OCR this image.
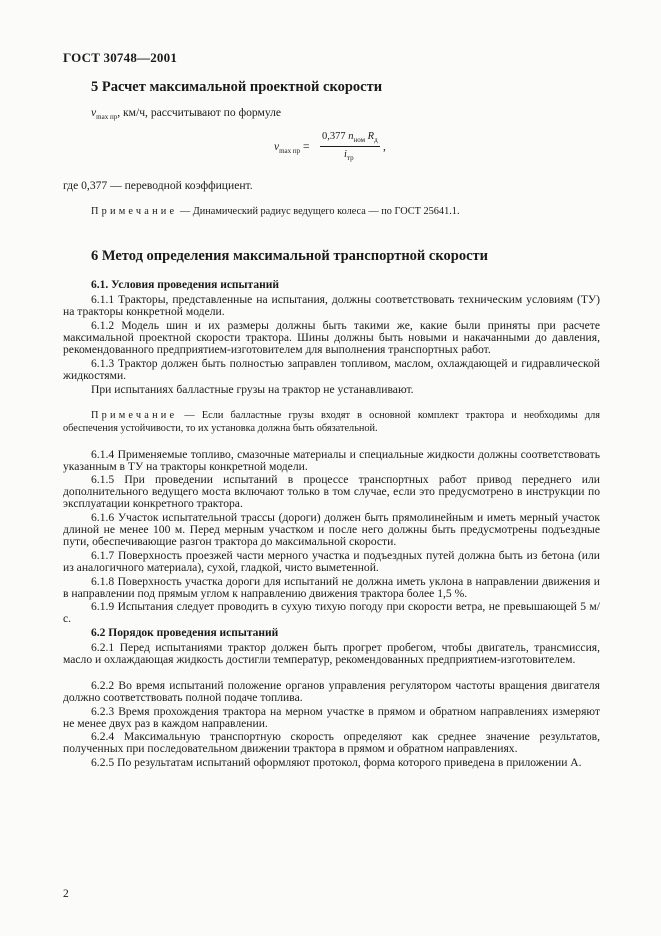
ГОСТ 30748—2001
5 Расчет максимальной проектной скорости
$v_{max пр}$, км/ч, рассчитывают по формуле
$v_{max пр}$ =
0,377 $n_{ном}$ $R_д$
$i_{тр}$
,
где 0,377 — переводной коэффициент.
Примечание — Динамический радиус ведущего колеса — по ГОСТ 25641.1.
6 Метод определения максимальной транспортной скорости
6.1. Условия проведения испытаний
6.1.1 Тракторы, представленные на испытания, должны соответствовать техническим условиям (ТУ) на тракторы конкретной модели.
6.1.2 Модель шин и их размеры должны быть такими же, какие были приняты при расчете максимальной проектной скорости трактора. Шины должны быть новыми и накачанными до давления, рекомендованного предприятием-изготовителем для выполнения транспортных работ.
6.1.3 Трактор должен быть полностью заправлен топливом, маслом, охлаждающей и гидравлической жидкостями.
При испытаниях балластные грузы на трактор не устанавливают.
Примечание — Если балластные грузы входят в основной комплект трактора и необходимы для обеспечения устойчивости, то их установка должна быть обязательной.
6.1.4 Применяемые топливо, смазочные материалы и специальные жидкости должны соответствовать указанным в ТУ на тракторы конкретной модели.
6.1.5 При проведении испытаний в процессе транспортных работ привод переднего или дополнительного ведущего моста включают только в том случае, если это предусмотрено в инструкции по эксплуатации конкретного трактора.
6.1.6 Участок испытательной трассы (дороги) должен быть прямолинейным и иметь мерный участок длиной не менее 100 м. Перед мерным участком и после него должны быть предусмотрены подъездные пути, обеспечивающие разгон трактора до максимальной скорости.
6.1.7 Поверхность проезжей части мерного участка и подъездных путей должна быть из бетона (или из аналогичного материала), сухой, гладкой, чисто выметенной.
6.1.8 Поверхность участка дороги для испытаний не должна иметь уклона в направлении движения и в направлении под прямым углом к направлению движения трактора более 1,5 %.
6.1.9 Испытания следует проводить в сухую тихую погоду при скорости ветра, не превышающей 5 м/с.
6.2 Порядок проведения испытаний
6.2.1 Перед испытаниями трактор должен быть прогрет пробегом, чтобы двигатель, трансмиссия, масло и охлаждающая жидкость достигли температур, рекомендованных предприятием-изготовителем.
6.2.2 Во время испытаний положение органов управления регулятором частоты вращения двигателя должно соответствовать полной подаче топлива.
6.2.3 Время прохождения трактора на мерном участке в прямом и обратном направлениях измеряют не менее двух раз в каждом направлении.
6.2.4 Максимальную транспортную скорость определяют как среднее значение результатов, полученных при последовательном движении трактора в прямом и обратном направлениях.
6.2.5 По результатам испытаний оформляют протокол, форма которого приведена в приложении А.
2
